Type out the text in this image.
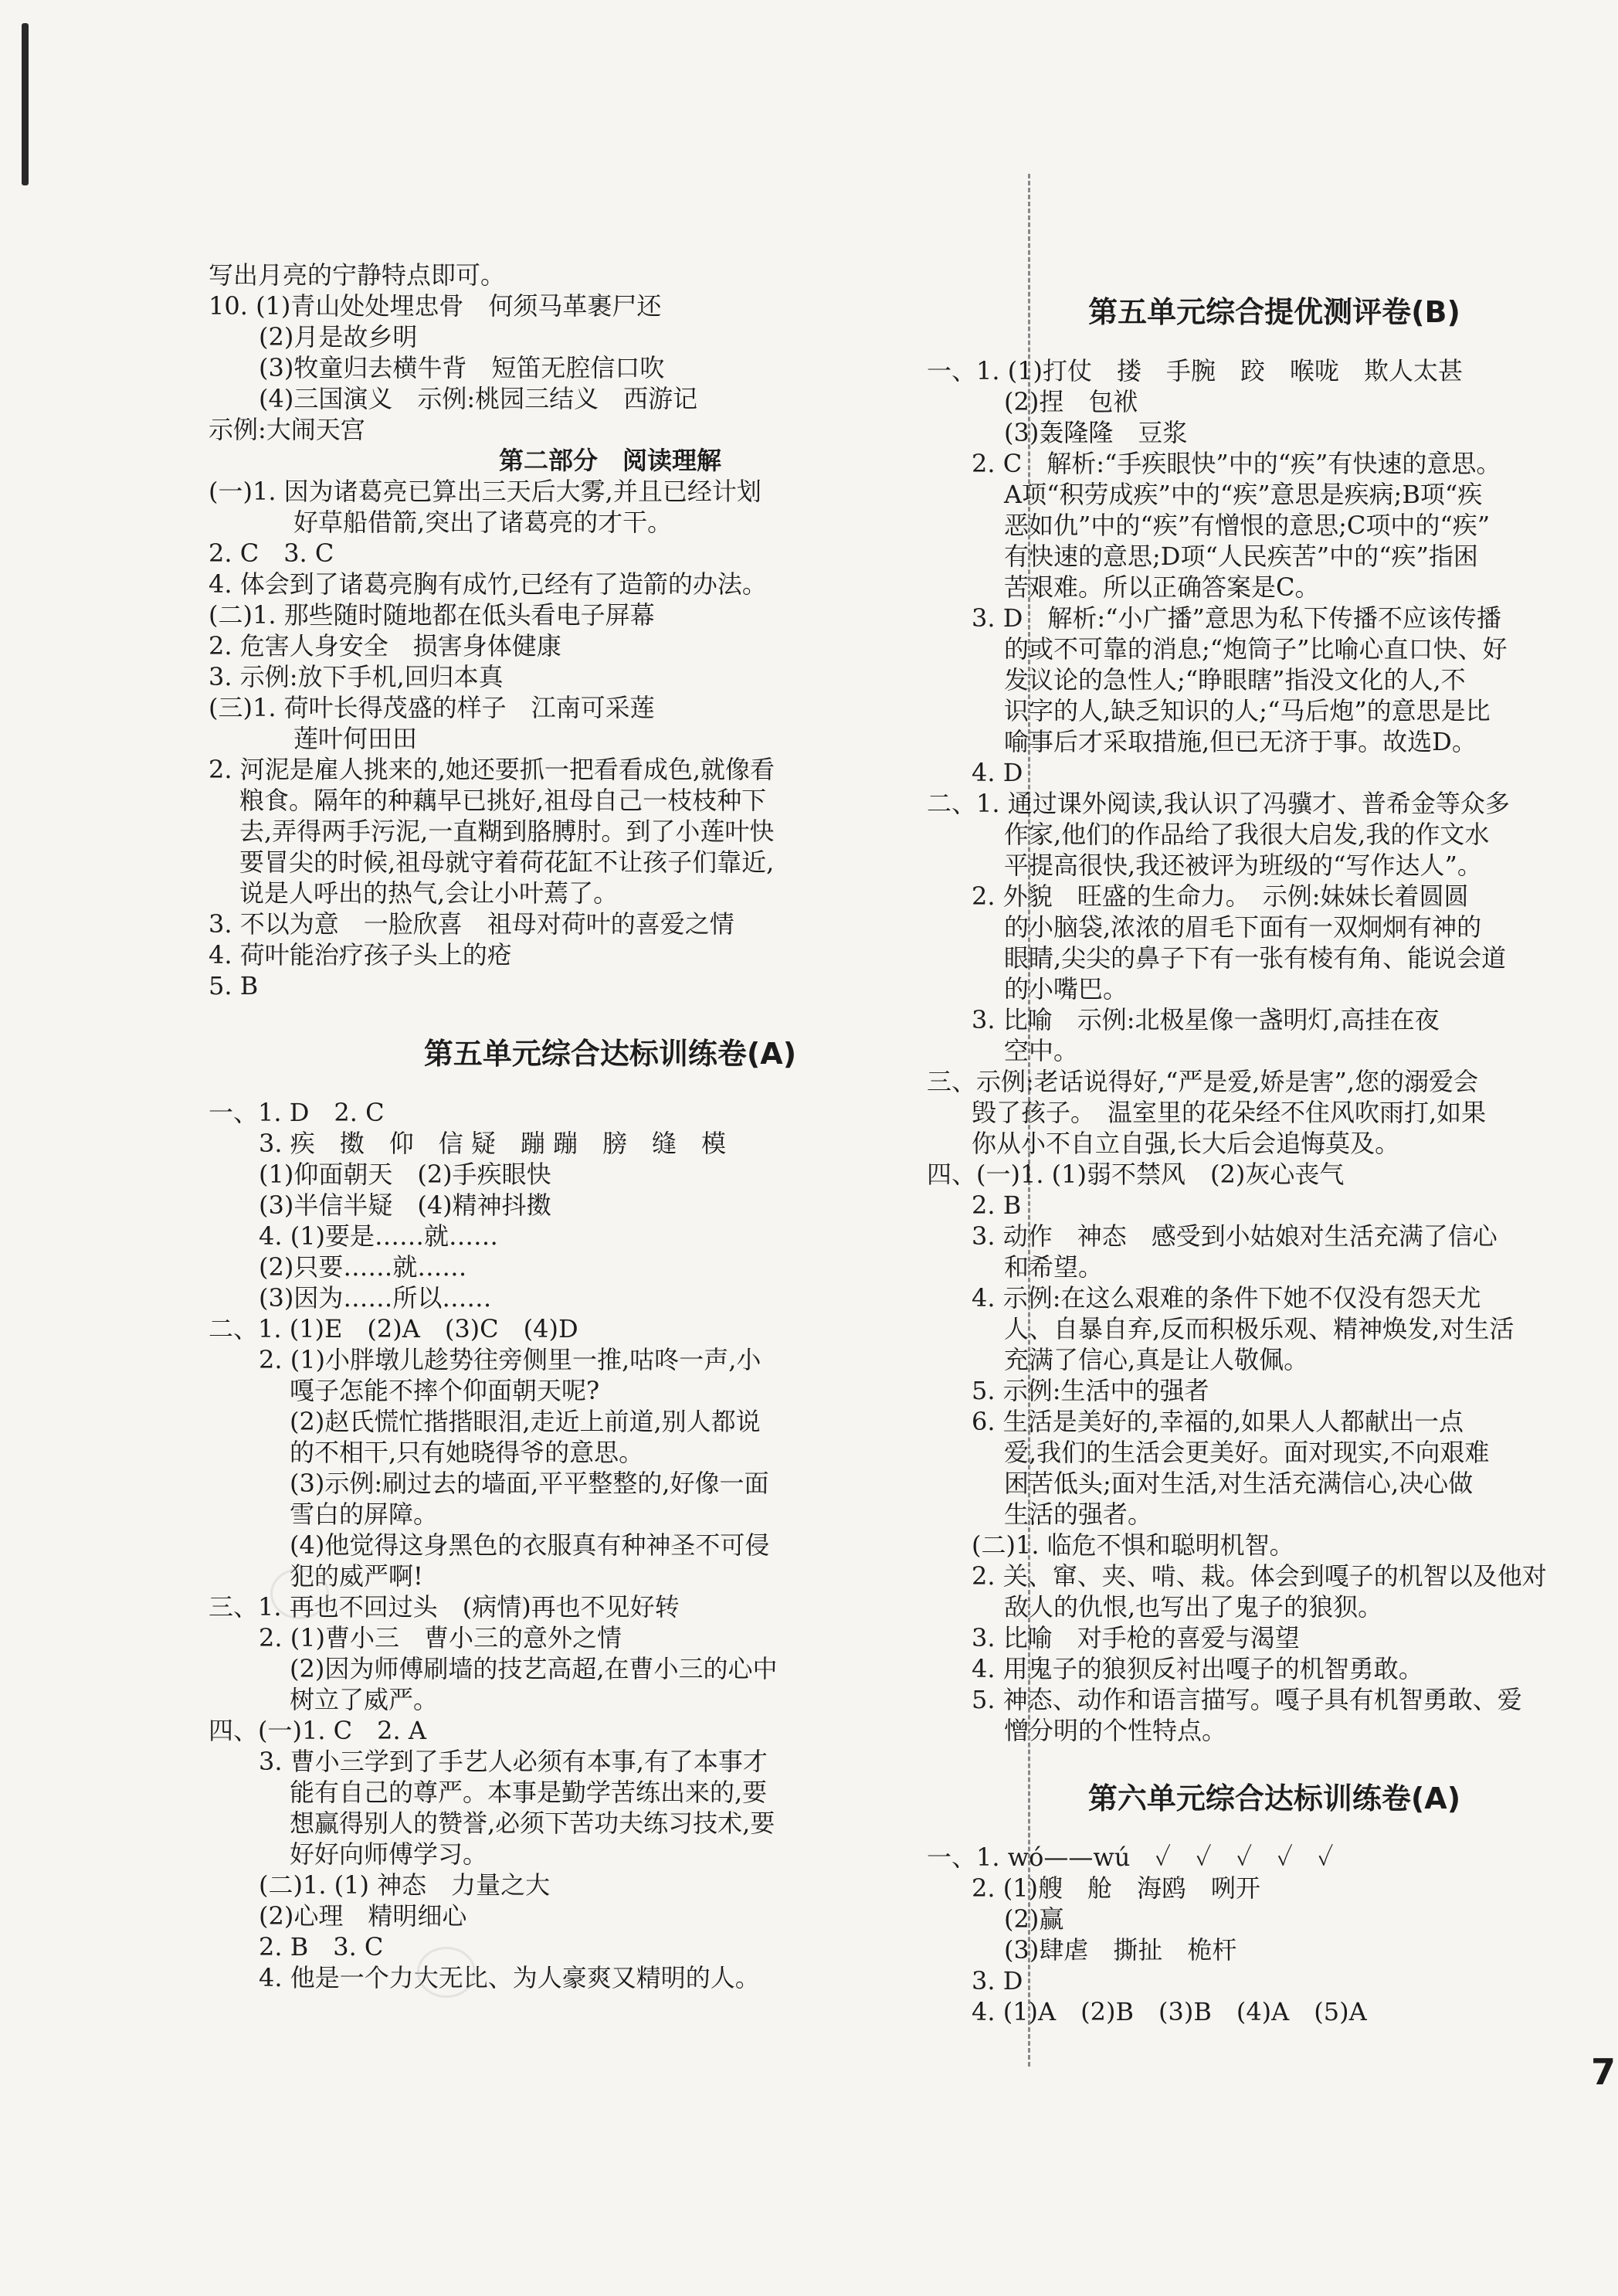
写出月亮的宁静特点即可。
10. (1)青山处处埋忠骨　何须马革裹尸还
(2)月是故乡明
(3)牧童归去横牛背　短笛无腔信口吹
(4)三国演义　示例:桃园三结义　西游记
示例:大闹天宫
第二部分　阅读理解
(一)1. 因为诸葛亮已算出三天后大雾,并且已经计划
好草船借箭,突出了诸葛亮的才干。
2. C　3. C
4. 体会到了诸葛亮胸有成竹,已经有了造箭的办法。
(二)1. 那些随时随地都在低头看电子屏幕
2. 危害人身安全　损害身体健康
3. 示例:放下手机,回归本真
(三)1. 荷叶长得茂盛的样子　江南可采莲
莲叶何田田
2. 河泥是雇人挑来的,她还要抓一把看看成色,就像看
粮食。隔年的种藕早已挑好,祖母自己一枝枝种下
去,弄得两手污泥,一直糊到胳膊肘。到了小莲叶快
要冒尖的时候,祖母就守着荷花缸不让孩子们靠近,
说是人呼出的热气,会让小叶蔫了。
3. 不以为意　一脸欣喜　祖母对荷叶的喜爱之情
4. 荷叶能治疗孩子头上的疮
5. B
第五单元综合达标训练卷(A)
一、1. D　2. C
3. 疾　擞　仰　信 疑　蹦 蹦　膀　缝　模
(1)仰面朝天　(2)手疾眼快
(3)半信半疑　(4)精神抖擞
4. (1)要是……就……
(2)只要……就……
(3)因为……所以……
二、1. (1)E　(2)A　(3)C　(4)D
2. (1)小胖墩儿趁势往旁侧里一推,咕咚一声,小
嘎子怎能不摔个仰面朝天呢?
(2)赵氏慌忙揩揩眼泪,走近上前道,别人都说
的不相干,只有她晓得爷的意思。
(3)示例:刷过去的墙面,平平整整的,好像一面
雪白的屏障。
(4)他觉得这身黑色的衣服真有种神圣不可侵
犯的威严啊!
三、1. 再也不回过头　(病情)再也不见好转
2. (1)曹小三　曹小三的意外之情
(2)因为师傅刷墙的技艺高超,在曹小三的心中
树立了威严。
四、(一)1. C　2. A
3. 曹小三学到了手艺人必须有本事,有了本事才
能有自己的尊严。本事是勤学苦练出来的,要
想赢得别人的赞誉,必须下苦功夫练习技术,要
好好向师傅学习。
(二)1. (1) 神态　力量之大
(2)心理　精明细心
2. B　3. C
4. 他是一个力大无比、为人豪爽又精明的人。
第五单元综合提优测评卷(B)
一、1. (1)打仗　搂　手腕　跤　喉咙　欺人太甚
(2)捏　包袱
(3)轰隆隆　豆浆
2. C　解析:“手疾眼快”中的“疾”有快速的意思。
A项“积劳成疾”中的“疾”意思是疾病;B项“疾
恶如仇”中的“疾”有憎恨的意思;C项中的“疾”
有快速的意思;D项“人民疾苦”中的“疾”指困
苦艰难。所以正确答案是C。
3. D　解析:“小广播”意思为私下传播不应该传播
的或不可靠的消息;“炮筒子”比喻心直口快、好
发议论的急性人;“睁眼瞎”指没文化的人,不
识字的人,缺乏知识的人;“马后炮”的意思是比
喻事后才采取措施,但已无济于事。故选D。
4. D
二、1. 通过课外阅读,我认识了冯骥才、普希金等众多
作家,他们的作品给了我很大启发,我的作文水
平提高很快,我还被评为班级的“写作达人”。
2. 外貌　旺盛的生命力。　示例:妹妹长着圆圆
的小脑袋,浓浓的眉毛下面有一双炯炯有神的
眼睛,尖尖的鼻子下有一张有棱有角、能说会道
的小嘴巴。
3. 比喻　示例:北极星像一盏明灯,高挂在夜
空中。
三、示例:老话说得好,“严是爱,娇是害”,您的溺爱会
毁了孩子。　温室里的花朵经不住风吹雨打,如果
你从小不自立自强,长大后会追悔莫及。
四、(一)1. (1)弱不禁风　(2)灰心丧气
2. B
3. 动作　神态　感受到小姑娘对生活充满了信心
和希望。
4. 示例:在这么艰难的条件下她不仅没有怨天尤
人、自暴自弃,反而积极乐观、精神焕发,对生活
充满了信心,真是让人敬佩。
5. 示例:生活中的强者
6. 生活是美好的,幸福的,如果人人都献出一点
爱,我们的生活会更美好。面对现实,不向艰难
困苦低头;面对生活,对生活充满信心,决心做
生活的强者。
(二)1. 临危不惧和聪明机智。
2. 关、窜、夹、啃、栽。体会到嘎子的机智以及他对
敌人的仇恨,也写出了鬼子的狼狈。
3. 比喻　对手枪的喜爱与渴望
4. 用鬼子的狼狈反衬出嘎子的机智勇敢。
5. 神态、动作和语言描写。嘎子具有机智勇敢、爱
憎分明的个性特点。
第六单元综合达标训练卷(A)
一、1. wó——wú　✓　✓　✓　✓　✓
2. (1)艘　舱　海鸥　咧开
(2)赢
(3)肆虐　撕扯　桅杆
3. D
4. (1)A　(2)B　(3)B　(4)A　(5)A
7
